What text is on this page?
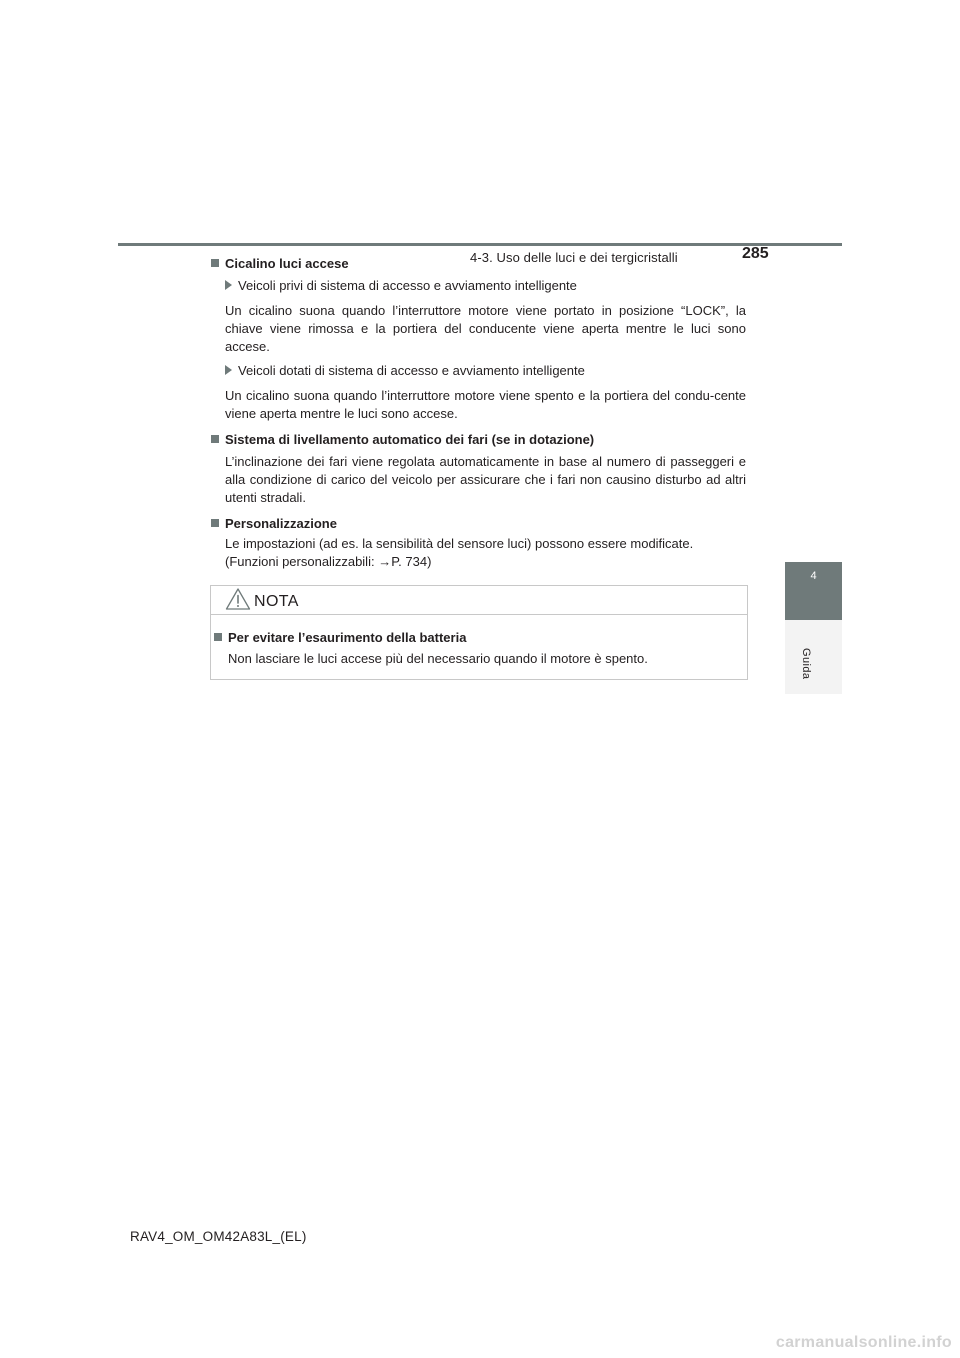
4-3. Uso delle luci e dei tergicristalli	285
4
Guida

Cicalino luci accese

Veicoli privi di sistema di accesso e avviamento intelligente

Un cicalino suona quando l’interruttore motore viene portato in posizione “LOCK”, la chiave viene rimossa e la portiera del conducente viene aperta mentre le luci sono accese.

Veicoli dotati di sistema di accesso e avviamento intelligente

Un cicalino suona quando l’interruttore motore viene spento e la portiera del condu-cente viene aperta mentre le luci sono accese.

Sistema di livellamento automatico dei fari (se in dotazione)

L’inclinazione dei fari viene regolata automaticamente in base al numero di passeggeri e alla condizione di carico del veicolo per assicurare che i fari non causino disturbo ad altri utenti stradali.

Personalizzazione

Le impostazioni (ad es. la sensibilità del sensore luci) possono essere modificate.

(Funzioni personalizzabili: →P. 734)

NOTA

Per evitare l’esaurimento della batteria

Non lasciare le luci accese più del necessario quando il motore è spento.

RAV4_OM_OM42A83L_(EL)
carmanualsonline.info
